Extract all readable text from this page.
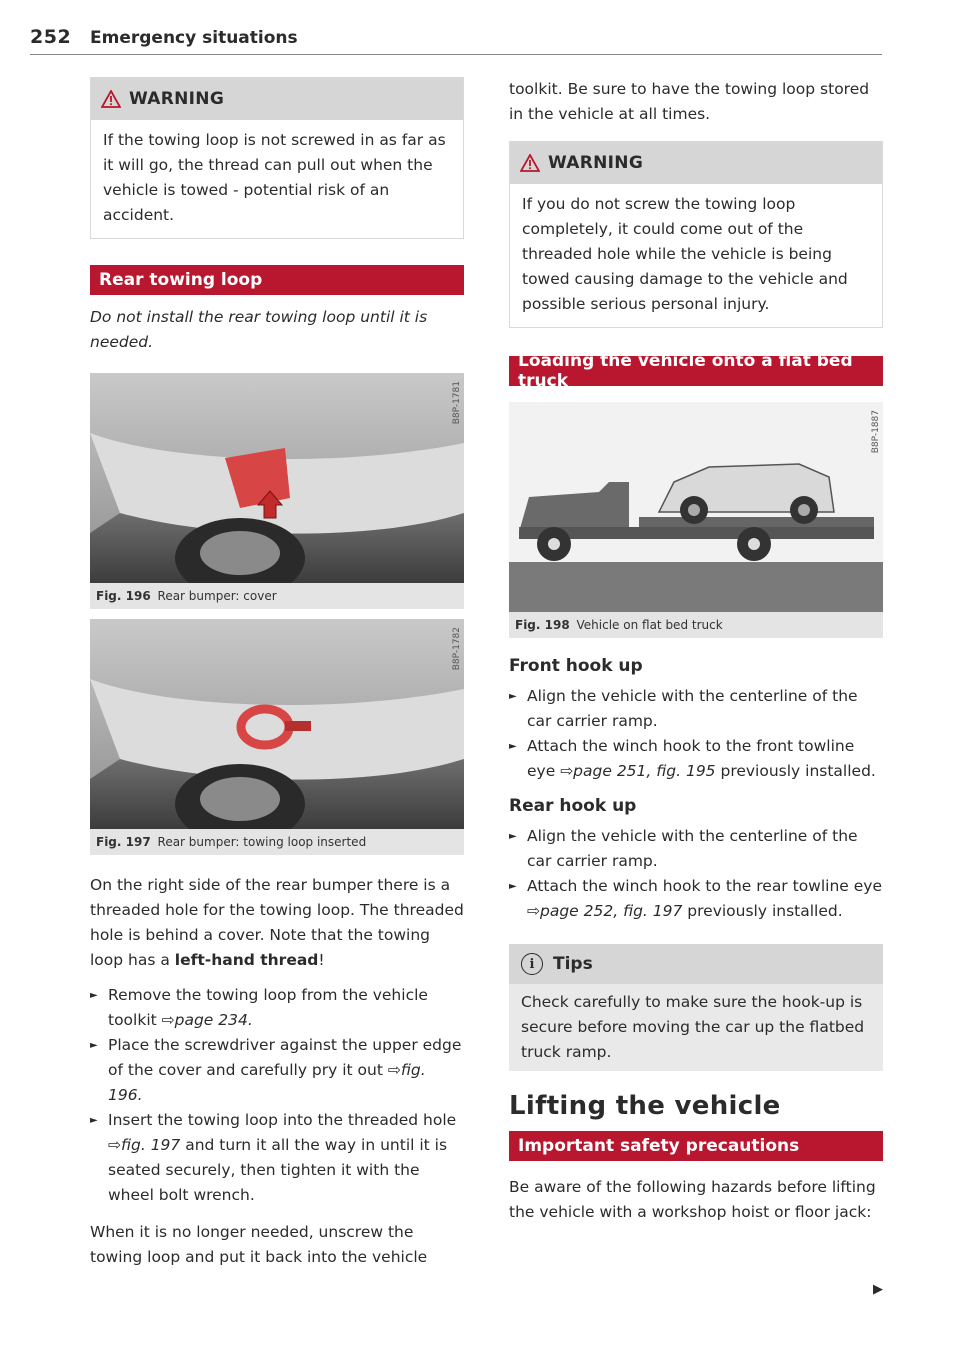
252 Emergency situations
WARNING
If the towing loop is not screwed in as far as it will go, the thread can pull out when the vehicle is towed - potential risk of an accident.
Rear towing loop

Do not install the rear towing loop until it is needed.

B8P-1781
Fig. 196 Rear bumper: cover
B8P-1782
Fig. 197 Rear bumper: towing loop inserted

On the right side of the rear bumper there is a threaded hole for the towing loop. The threaded hole is behind a cover. Note that the towing loop has a left-hand thread!

► Remove the towing loop from the vehicle toolkit ⇨page 234.
► Place the screwdriver against the upper edge of the cover and carefully pry it out ⇨fig. 196.
► Insert the towing loop into the threaded hole ⇨fig. 197 and turn it all the way in until it is seated securely, then tighten it with the wheel bolt wrench.

When it is no longer needed, unscrew the towing loop and put it back into the vehicle

toolkit. Be sure to have the towing loop stored in the vehicle at all times.

WARNING
If you do not screw the towing loop completely, it could come out of the threaded hole while the vehicle is being towed causing damage to the vehicle and possible serious personal injury.
Loading the vehicle onto a flat bed truck
B8P-1887
Fig. 198 Vehicle on flat bed truck
Front hook up
► Align the vehicle with the centerline of the car carrier ramp.
► Attach the winch hook to the front towline eye ⇨page 251, fig. 195 previously installed.
Rear hook up
► Align the vehicle with the centerline of the car carrier ramp.
► Attach the winch hook to the rear towline eye ⇨page 252, fig. 197 previously installed.
i	Tips
Check carefully to make sure the hook-up is secure before moving the car up the flatbed truck ramp.
Lifting the vehicle
Important safety precautions

Be aware of the following hazards before lifting the vehicle with a workshop hoist or floor jack:

▶
